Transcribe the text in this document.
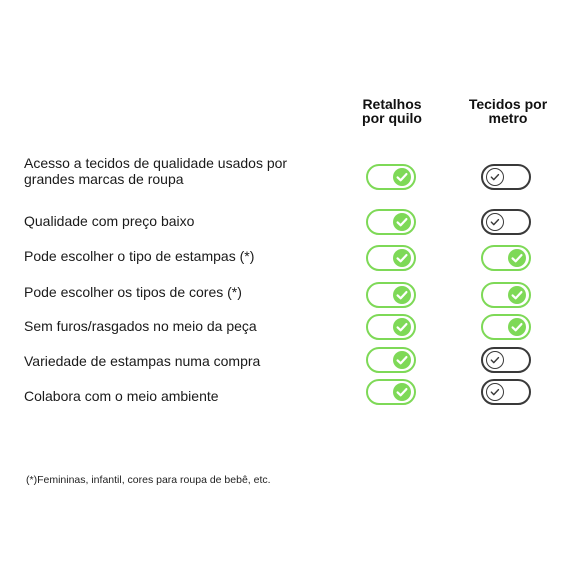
Retalhos
por quilo
Tecidos por
metro
Acesso a tecidos de qualidade usados por grandes marcas de roupa
Qualidade com preço baixo
Pode escolher o tipo de estampas (*)
Pode escolher os tipos de cores (*)
Sem furos/rasgados no meio da peça
Variedade de estampas numa compra
Colabora com o meio ambiente
(*)Femininas, infantil, cores para roupa de bebê, etc.
